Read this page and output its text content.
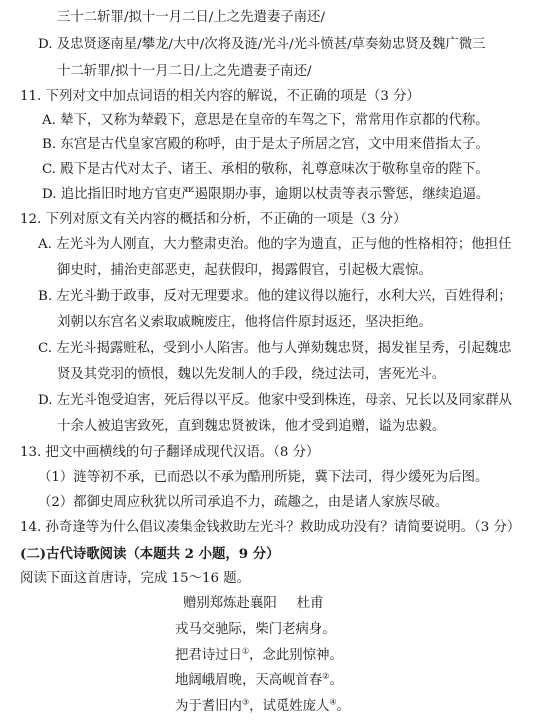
三十二斩罪/拟十一月二日/上之先遣妻子南还/
D. 及忠贤逐南星/攀龙/大中/次将及涟/光斗/光斗愤甚/草奏劾忠贤及魏广微三
十二斩罪/拟十一月二日/上之先遣妻子南还/
11. 下列对文中加点词语的相关内容的解说，不正确的项是（3 分）
A. 辇下，又称为辇毂下，意思是在皇帝的车驾之下，常常用作京都的代称。
B. 东宫是古代皇家宫殿的称呼，由于是太子所居之宫，文中用来借指太子。
C. 殿下是古代对太子、诸王、承相的敬称，礼尊意味次于敬称皇帝的陛下。
D. 追比指旧时地方官吏严遏限期办事，逾期以杖责等表示警惩，继续追逼。
12. 下列对原文有关内容的概括和分析，不正确的一项是（3 分）
A. 左光斗为人刚直，大力整肃吏治。他的字为遗直，正与他的性格相符；他担任
御史时，捕治吏部恶吏，起获假印，揭露假官，引起极大震惊。
B. 左光斗勤于政事，反对无理要求。他的建议得以施行，水利大兴，百姓得利；
刘朝以东宫名义索取戚畹废庄，他将信件原封返还，坚决拒绝。
C. 左光斗揭露赃私，受到小人陷害。他与人弹劾魏忠贤，揭发崔呈秀，引起魏忠
贤及其党羽的愤恨，魏以先发制人的手段，绕过法司，害死光斗。
D. 左光斗饱受迫害，死后得以平反。他家中受到株连，母亲、兄长以及同家群从
十余人被追害致死，直到魏忠贤被诛，他才受到追赠，谥为忠毅。
13. 把文中画横线的句子翻译成现代汉语。（8 分）
（1）涟等初不承，已而恐以不承为酷刑所毙，冀下法司，得少缓死为后图。
（2）都御史周应秋犹以所司承追不力，疏趣之，由是诸人家族尽破。
14. 孙奇逢等为什么倡议凑集金钱救助左光斗？救助成功没有？请简要说明。（3 分）
(二)古代诗歌阅读（本题共 2 小题，9 分）
阅读下面这首唐诗，完成 15～16 题。
赠别郑炼赴襄阳 杜甫
戎马交驰际，柴门老病身。
把君诗过日①，念此别惊神。
地阔峨眉晚，天高岘首春②。
为于耆旧内③，试觅姓庞人④。
